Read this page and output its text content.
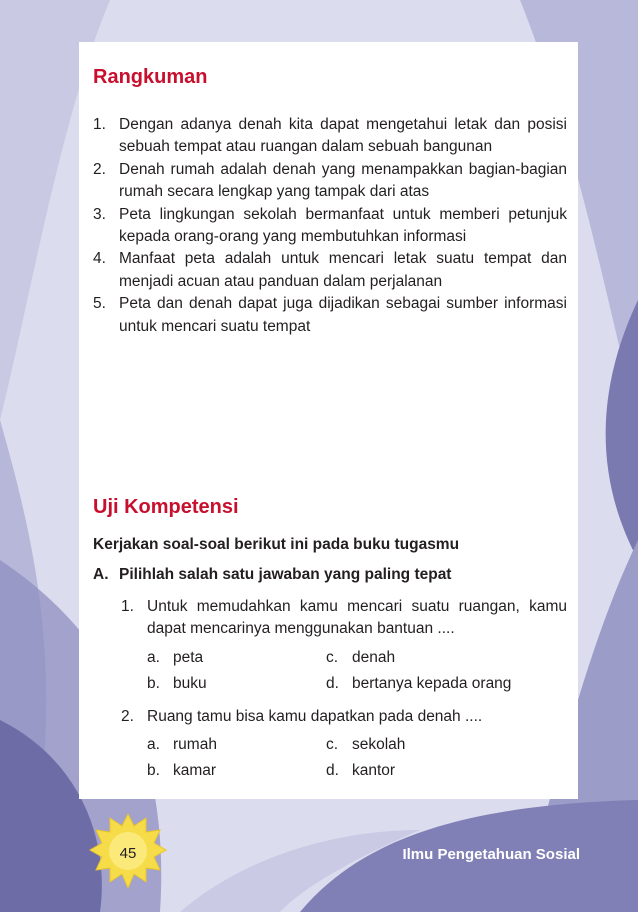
Rangkuman
1. Dengan adanya denah kita dapat mengetahui letak dan posisi sebuah tempat atau ruangan dalam sebuah bangunan
2. Denah rumah adalah denah yang menampakkan bagian-bagian rumah secara lengkap yang tampak dari atas
3. Peta lingkungan sekolah bermanfaat untuk memberi petunjuk kepada orang-orang yang membutuhkan informasi
4. Manfaat peta adalah untuk mencari letak suatu tempat dan menjadi acuan atau panduan dalam perjalanan
5. Peta dan denah dapat juga dijadikan sebagai sumber informasi untuk mencari suatu tempat
Uji Kompetensi
Kerjakan soal-soal berikut ini pada buku tugasmu
A. Pilihlah salah satu jawaban yang paling tepat
1. Untuk memudahkan kamu mencari suatu ruangan, kamu dapat mencarinya menggunakan bantuan ....
a. peta
b. buku
c. denah
d. bertanya kepada orang
2. Ruang tamu bisa kamu dapatkan pada denah ....
a. rumah
b. kamar
c. sekolah
d. kantor
45	Ilmu Pengetahuan Sosial
